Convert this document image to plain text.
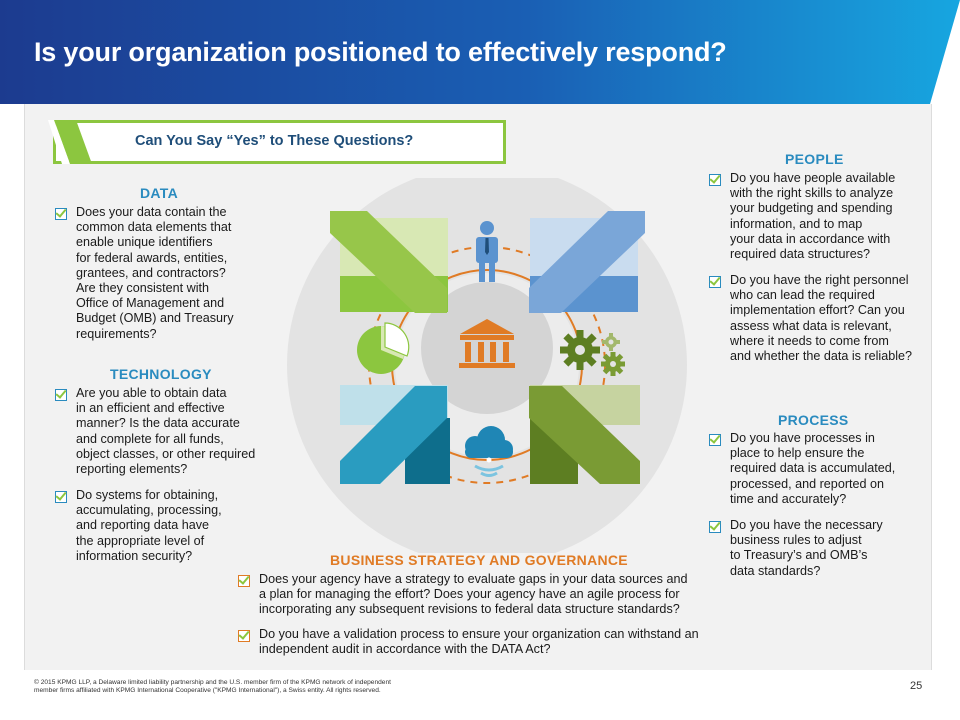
Is your organization positioned to effectively respond?
Can You Say “Yes” to These Questions?
DATA
TECHNOLOGY
PEOPLE
PROCESS
BUSINESS STRATEGY AND GOVERNANCE
Does your data contain the
common data elements that
enable unique identifiers
for federal awards, entities,
grantees, and contractors?
Are they consistent with
Office of Management and
Budget (OMB) and Treasury
requirements?
Are you able to obtain data
in an efficient and effective
manner? Is the data accurate
and complete for all funds,
object classes, or other required
reporting elements?
Do systems for obtaining,
accumulating, processing,
and reporting data have
the appropriate level of
information security?
Do you have people available
with the right skills to analyze
your budgeting and spending
information, and to map
your data in accordance with
required data structures?
Do you have the right personnel
who can lead the required
implementation effort? Can you
assess what data is relevant,
where it needs to come from
and whether the data is reliable?
Do you have processes in
place to help ensure the
required data is accumulated,
processed, and reported on
time and accurately?
Do you have the necessary
business rules to adjust
to Treasury’s and OMB’s
data standards?
Does your agency have a strategy to evaluate gaps in your data sources and
a plan for managing the effort? Does your agency have an agile process for
incorporating any subsequent revisions to federal data structure standards?
Do you have a validation process to ensure your organization can withstand an
independent audit in accordance with the DATA Act?
© 2015 KPMG LLP, a Delaware limited liability partnership and the U.S. member firm of the KPMG network of independent
member firms affiliated with KPMG International Cooperative ("KPMG International"), a Swiss entity. All rights reserved.	25
